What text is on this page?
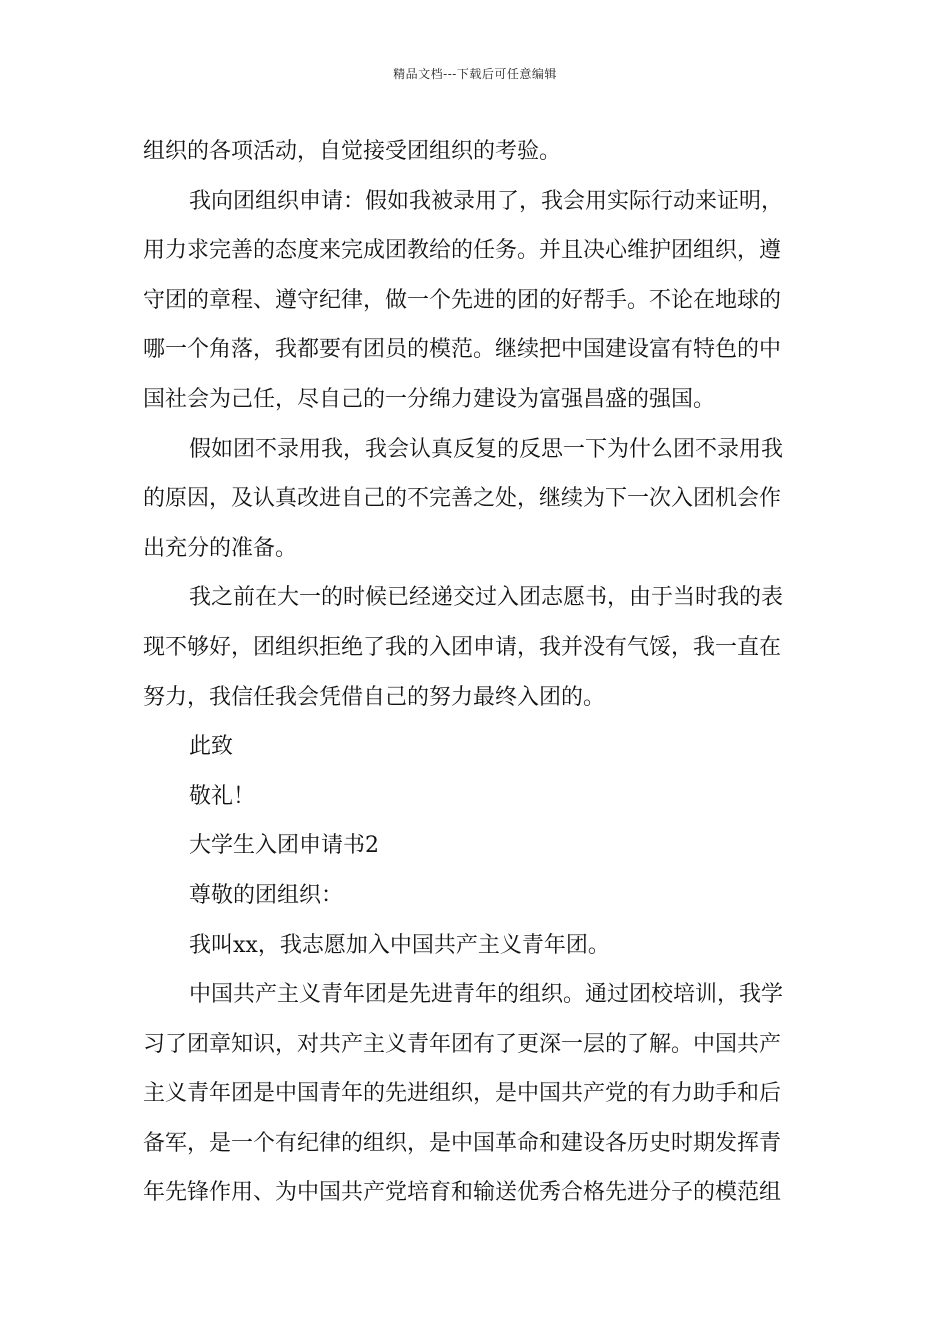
精品文档---下载后可任意编辑
组织的各项活动，自觉接受团组织的考验。
我向团组织申请：假如我被录用了，我会用实际行动来证明，
用力求完善的态度来完成团教给的任务。并且决心维护团组织，遵
守团的章程、遵守纪律，做一个先进的团的好帮手。不论在地球的
哪一个角落，我都要有团员的模范。继续把中国建设富有特色的中
国社会为己任，尽自己的一分绵力建设为富强昌盛的强国。
假如团不录用我，我会认真反复的反思一下为什么团不录用我
的原因，及认真改进自己的不完善之处，继续为下一次入团机会作
出充分的准备。
我之前在大一的时候已经递交过入团志愿书，由于当时我的表
现不够好，团组织拒绝了我的入团申请，我并没有气馁，我一直在
努力，我信任我会凭借自己的努力最终入团的。
此致
敬礼！
大学生入团申请书2
尊敬的团组织：
我叫xx，我志愿加入中国共产主义青年团。
中国共产主义青年团是先进青年的组织。通过团校培训，我学
习了团章知识，对共产主义青年团有了更深一层的了解。中国共产
主义青年团是中国青年的先进组织，是中国共产党的有力助手和后
备军，是一个有纪律的组织，是中国革命和建设各历史时期发挥青
年先锋作用、为中国共产党培育和输送优秀合格先进分子的模范组
